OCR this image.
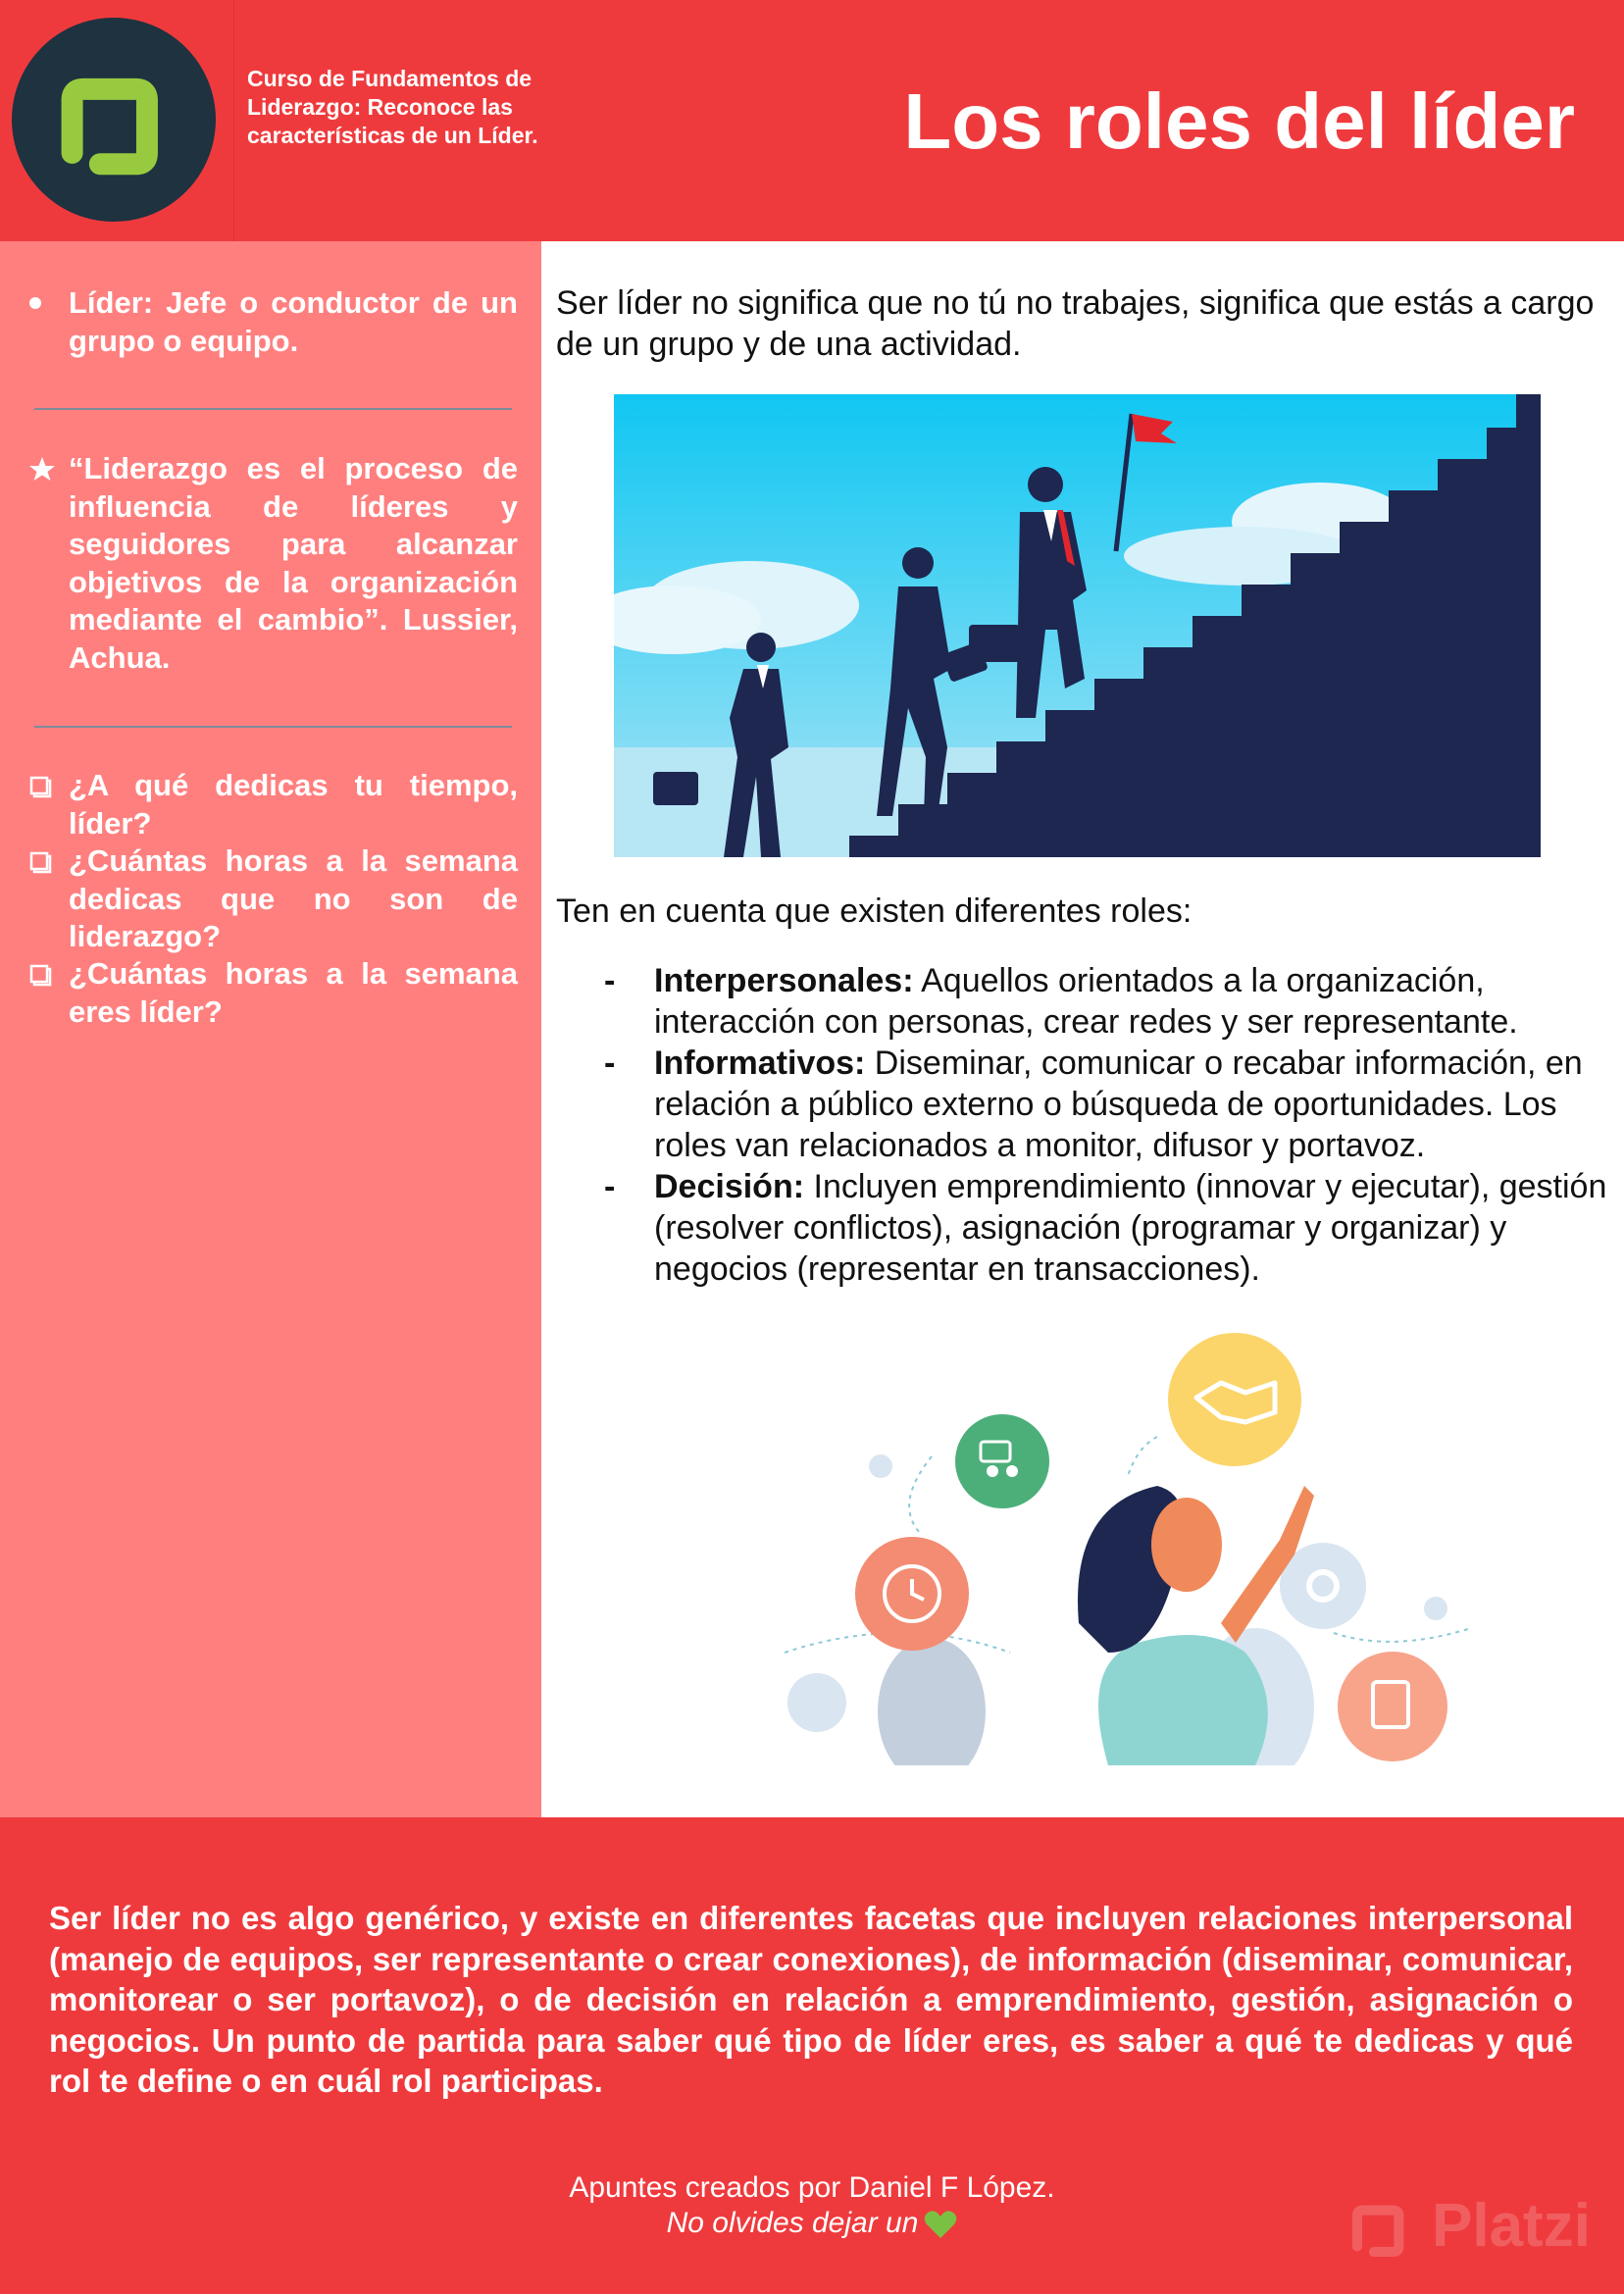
Curso de Fundamentos de Liderazgo: Reconoce las características de un Líder.	Los roles del líder
Líder: Jefe o conductor de un grupo o equipo.
“Liderazgo es el proceso de influencia de líderes y seguidores para alcanzar objetivos de la organización mediante el cambio”. Lussier, Achua.
¿A qué dedicas tu tiempo, líder?
¿Cuántas horas a la semana dedicas que no son de liderazgo?
¿Cuántas horas a la semana eres líder?

Ser líder no significa que no tú no trabajes, significa que estás a cargo de un grupo y de una actividad.

Ten en cuenta que existen diferentes roles:

- Interpersonales: Aquellos orientados a la organización, interacción con personas, crear redes y ser representante.
- Informativos: Diseminar, comunicar o recabar información, en relación a público externo o búsqueda de oportunidades. Los roles van relacionados a monitor, difusor y portavoz.
- Decisión: Incluyen emprendimiento (innovar y ejecutar), gestión (resolver conflictos), asignación (programar y organizar) y negocios (representar en transacciones).

Ser líder no es algo genérico, y existe en diferentes facetas que incluyen relaciones interpersonal (manejo de equipos, ser representante o crear conexiones), de información (diseminar, comunicar, monitorear o ser portavoz), o de decisión en relación a emprendimiento, gestión, asignación o negocios. Un punto de partida para saber qué tipo de líder eres, es saber a qué te dedicas y qué rol te define o en cuál rol participas.

Apuntes creados por Daniel F López.
No olvides dejar un	Platzi
